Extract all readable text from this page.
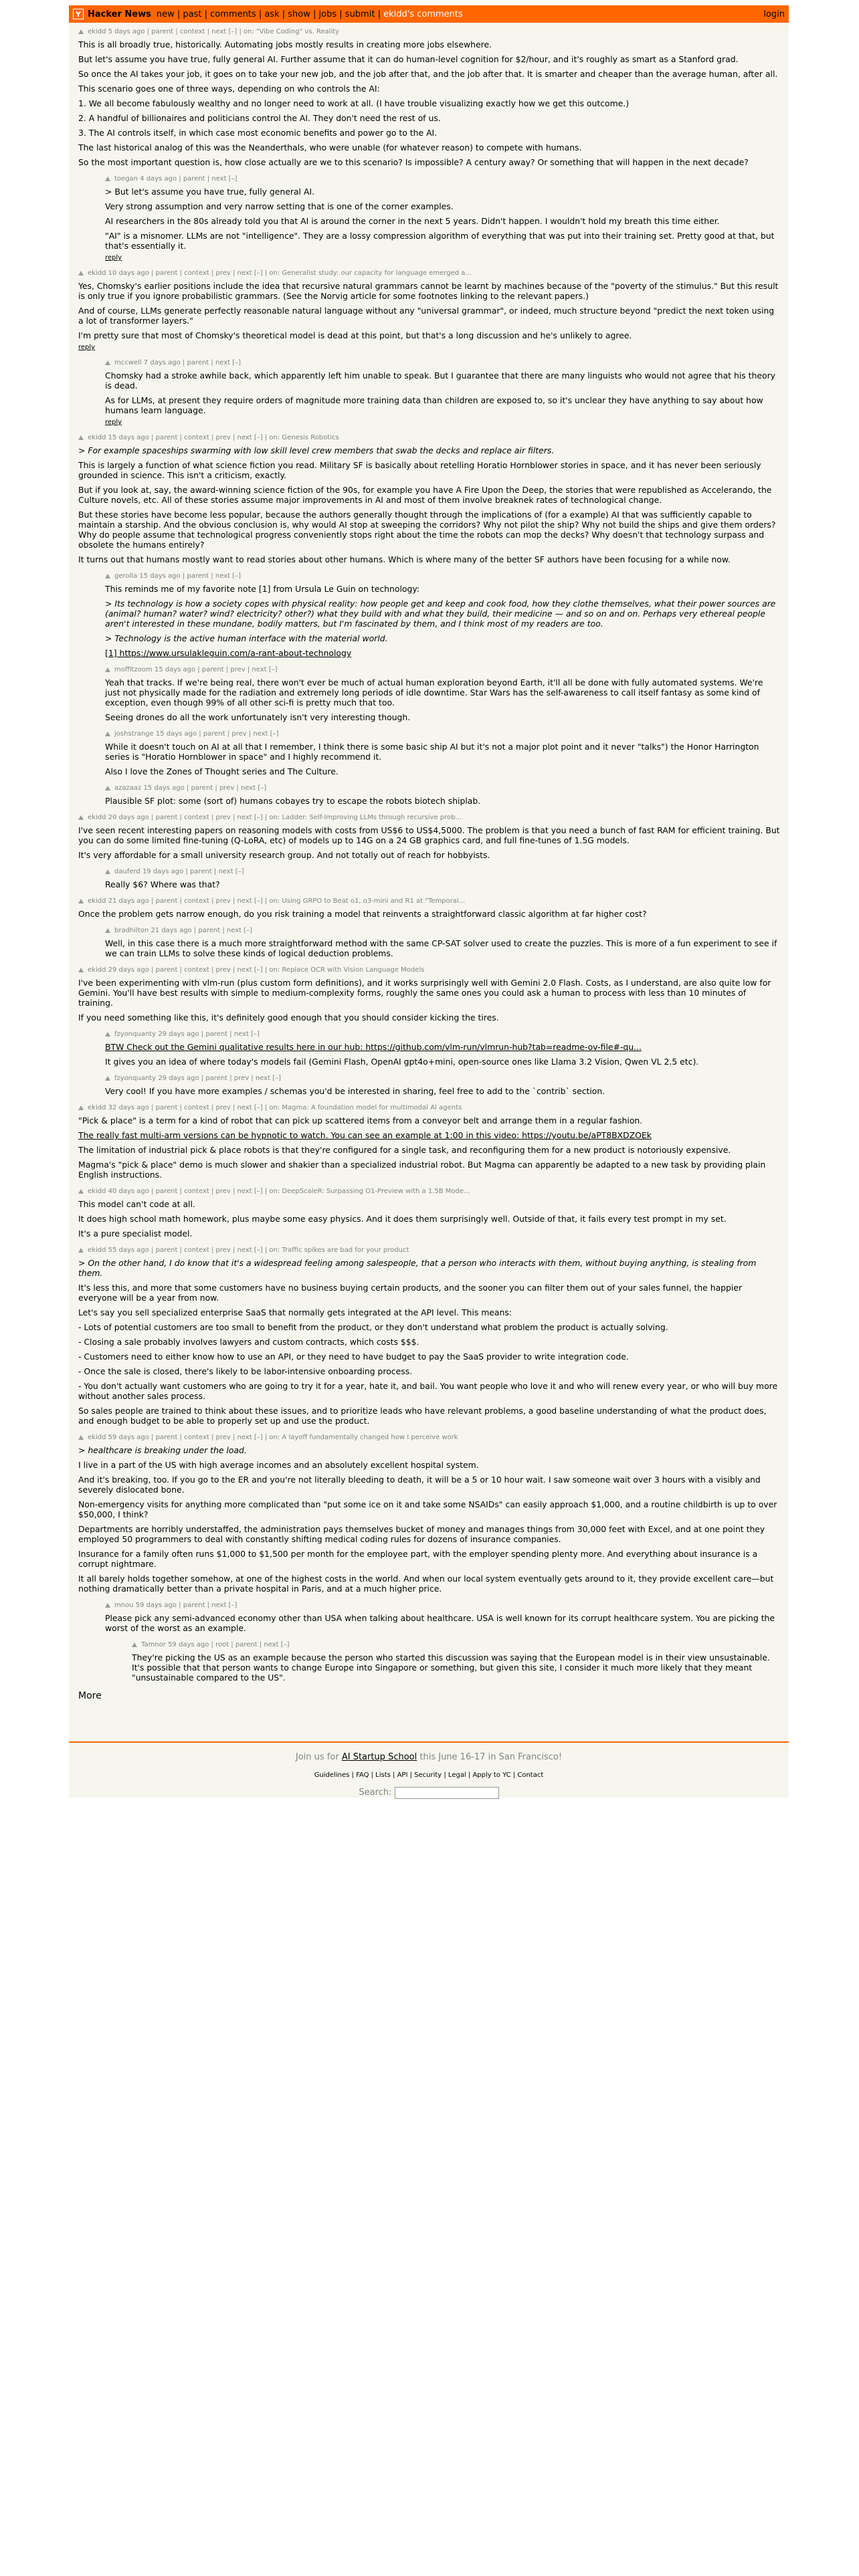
Y Hacker News new | past | comments | ask | show | jobs | submit | ekidd's comments	login
ekidd 5 days ago | parent | context | next [–] | on: "Vibe Coding" vs. Reality

This is all broadly true, historically. Automating jobs mostly results in creating more jobs elsewhere.

But let's assume you have true, fully general AI. Further assume that it can do human-level cognition for $2/hour, and it's roughly as smart as a Stanford grad.

So once the AI takes your job, it goes on to take your new job, and the job after that, and the job after that. It is smarter and cheaper than the average human, after all.

This scenario goes one of three ways, depending on who controls the AI:

1. We all become fabulously wealthy and no longer need to work at all. (I have trouble visualizing exactly how we get this outcome.)

2. A handful of billionaires and politicians control the AI. They don't need the rest of us.

3. The AI controls itself, in which case most economic benefits and power go to the AI.

The last historical analog of this was the Neanderthals, who were unable (for whatever reason) to compete with humans.

So the most important question is, how close actually are we to this scenario? Is impossible? A century away? Or something that will happen in the next decade?

toegan 4 days ago | parent | next [–]

> But let's assume you have true, fully general AI.

Very strong assumption and very narrow setting that is one of the corner examples.

AI researchers in the 80s already told you that AI is around the corner in the next 5 years. Didn't happen. I wouldn't hold my breath this time either.

"AI" is a misnomer. LLMs are not "intelligence". They are a lossy compression algorithm of everything that was put into their training set. Pretty good at that, but that's essentially it.

reply
ekidd 10 days ago | parent | context | prev | next [–] | on: Generalist study: our capacity for language emerged a...

Yes, Chomsky's earlier positions include the idea that recursive natural grammars cannot be learnt by machines because of the "poverty of the stimulus." But this result is only true if you ignore probabilistic grammars. (See the Norvig article for some footnotes linking to the relevant papers.)

And of course, LLMs generate perfectly reasonable natural language without any "universal grammar", or indeed, much structure beyond "predict the next token using a lot of transformer layers."

I'm pretty sure that most of Chomsky's theoretical model is dead at this point, but that's a long discussion and he's unlikely to agree.

reply
mccwell 7 days ago | parent | next [–]

Chomsky had a stroke awhile back, which apparently left him unable to speak. But I guarantee that there are many linguists who would not agree that his theory is dead.

As for LLMs, at present they require orders of magnitude more training data than children are exposed to, so it's unclear they have anything to say about how humans learn language.

reply
ekidd 15 days ago | parent | context | prev | next [–] | on: Genesis Robotics

> For example spaceships swarming with low skill level crew members that swab the decks and replace air filters.

This is largely a function of what science fiction you read. Military SF is basically about retelling Horatio Hornblower stories in space, and it has never been seriously grounded in science. This isn't a criticism, exactly.

But if you look at, say, the award-winning science fiction of the 90s, for example you have A Fire Upon the Deep, the stories that were republished as Accelerando, the Culture novels, etc. All of these stories assume major improvements in AI and most of them involve breaknek rates of technological change.

But these stories have become less popular, because the authors generally thought through the implications of (for a example) AI that was sufficiently capable to maintain a starship. And the obvious conclusion is, why would AI stop at sweeping the corridors? Why not pilot the ship? Why not build the ships and give them orders? Why do people assume that technological progress conveniently stops right about the time the robots can mop the decks? Why doesn't that technology surpass and obsolete the humans entirely?

It turns out that humans mostly want to read stories about other humans. Which is where many of the better SF authors have been focusing for a while now.

gerolla 15 days ago | parent | next [–]

This reminds me of my favorite note [1] from Ursula Le Guin on technology:

> Its technology is how a society copes with physical reality: how people get and keep and cook food, how they clothe themselves, what their power sources are (animal? human? water? wind? electricity? other?) what they build with and what they build, their medicine — and so on and on. Perhaps very ethereal people aren't interested in these mundane, bodily matters, but I'm fascinated by them, and I think most of my readers are too.

> Technology is the active human interface with the material world.

[1] https://www.ursulakleguin.com/a-rant-about-technology

moffitzoom 15 days ago | parent | prev | next [–]

Yeah that tracks. If we're being real, there won't ever be much of actual human exploration beyond Earth, it'll all be done with fully automated systems. We're just not physically made for the radiation and extremely long periods of idle downtime. Star Wars has the self-awareness to call itself fantasy as some kind of exception, even though 99% of all other sci-fi is pretty much that too.

Seeing drones do all the work unfortunately isn't very interesting though.

joshstrange 15 days ago | parent | prev | next [–]

While it doesn't touch on AI at all that I remember, I think there is some basic ship AI but it's not a major plot point and it never "talks") the Honor Harrington series is "Horatio Hornblower in space" and I highly recommend it.

Also I love the Zones of Thought series and The Culture.

azazaaz 15 days ago | parent | prev | next [–]

Plausible SF plot: some (sort of) humans cobayes try to escape the robots biotech shiplab.

ekidd 20 days ago | parent | context | prev | next [–] | on: Ladder: Self-Improving LLMs through recursive prob...

I've seen recent interesting papers on reasoning models with costs from US$6 to US$4,5000. The problem is that you need a bunch of fast RAM for efficient training. But you can do some limited fine-tuning (Q-LoRA, etc) of models up to 14G on a 24 GB graphics card, and full fine-tunes of 1.5G models.

It's very affordable for a small university research group. And not totally out of reach for hobbyists.

dauferd 19 days ago | parent | next [–]

Really $6? Where was that?

ekidd 21 days ago | parent | context | prev | next [–] | on: Using GRPO to Beat o1, o3-mini and R1 at "Temporal...

Once the problem gets narrow enough, do you risk training a model that reinvents a straightforward classic algorithm at far higher cost?

bradhilton 21 days ago | parent | next [–]

Well, in this case there is a much more straightforward method with the same CP-SAT solver used to create the puzzles. This is more of a fun experiment to see if we can train LLMs to solve these kinds of logical deduction problems.

ekidd 29 days ago | parent | context | prev | next [–] | on: Replace OCR with Vision Language Models

I've been experimenting with vlm-run (plus custom form definitions), and it works surprisingly well with Gemini 2.0 Flash. Costs, as I understand, are also quite low for Gemini. You'll have best results with simple to medium-complexity forms, roughly the same ones you could ask a human to process with less than 10 minutes of training.

If you need something like this, it's definitely good enough that you should consider kicking the tires.

fzyonquanty 29 days ago | parent | next [–]

BTW Check out the Gemini qualitative results here in our hub: https://github.com/vlm-run/vlmrun-hub?tab=readme-ov-file#-qu...

It gives you an idea of where today's models fail (Gemini Flash, OpenAI gpt4o+mini, open-source ones like Llama 3.2 Vision, Qwen VL 2.5 etc).

fzyonquanty 29 days ago | parent | prev | next [–]

Very cool! If you have more examples / schemas you'd be interested in sharing, feel free to add to the `contrib` section.

ekidd 32 days ago | parent | context | prev | next [–] | on: Magma: A foundation model for multimodal AI agents

"Pick & place" is a term for a kind of robot that can pick up scattered items from a conveyor belt and arrange them in a regular fashion.

The really fast multi-arm versions can be hypnotic to watch. You can see an example at 1:00 in this video: https://youtu.be/aPT8BXDZOEk

The limitation of industrial pick & place robots is that they're configured for a single task, and reconfiguring them for a new product is notoriously expensive.

Magma's "pick & place" demo is much slower and shakier than a specialized industrial robot. But Magma can apparently be adapted to a new task by providing plain English instructions.

ekidd 40 days ago | parent | context | prev | next [–] | on: DeepScaleR: Surpassing O1-Preview with a 1.5B Mode...

This model can't code at all.

It does high school math homework, plus maybe some easy physics. And it does them surprisingly well. Outside of that, it fails every test prompt in my set.

It's a pure specialist model.

ekidd 55 days ago | parent | context | prev | next [–] | on: Traffic spikes are bad for your product

> On the other hand, I do know that it's a widespread feeling among salespeople, that a person who interacts with them, without buying anything, is stealing from them.

It's less this, and more that some customers have no business buying certain products, and the sooner you can filter them out of your sales funnel, the happier everyone will be a year from now.

Let's say you sell specialized enterprise SaaS that normally gets integrated at the API level. This means:

- Lots of potential customers are too small to benefit from the product, or they don't understand what problem the product is actually solving.

- Closing a sale probably involves lawyers and custom contracts, which costs $$$.

- Customers need to either know how to use an API, or they need to have budget to pay the SaaS provider to write integration code.

- Once the sale is closed, there's likely to be labor-intensive onboarding process.

- You don't actually want customers who are going to try it for a year, hate it, and bail. You want people who love it and who will renew every year, or who will buy more without another sales process.

So sales people are trained to think about these issues, and to prioritize leads who have relevant problems, a good baseline understanding of what the product does, and enough budget to be able to properly set up and use the product.

ekidd 59 days ago | parent | context | prev | next [–] | on: A layoff fundamentally changed how I perceive work

> healthcare is breaking under the load.

I live in a part of the US with high average incomes and an absolutely excellent hospital system.

And it's breaking, too. If you go to the ER and you're not literally bleeding to death, it will be a 5 or 10 hour wait. I saw someone wait over 3 hours with a visibly and severely dislocated bone.

Non-emergency visits for anything more complicated than "put some ice on it and take some NSAIDs" can easily approach $1,000, and a routine childbirth is up to over $50,000, I think?

Departments are horribly understaffed, the administration pays themselves bucket of money and manages things from 30,000 feet with Excel, and at one point they employed 50 programmers to deal with constantly shifting medical coding rules for dozens of insurance companies.

Insurance for a family often runs $1,000 to $1,500 per month for the employee part, with the employer spending plenty more. And everything about insurance is a corrupt nightmare.

It all barely holds together somehow, at one of the highest costs in the world. And when our local system eventually gets around to it, they provide excellent care—but nothing dramatically better than a private hospital in Paris, and at a much higher price.

mnou 59 days ago | parent | next [–]

Please pick any semi-advanced economy other than USA when talking about healthcare. USA is well known for its corrupt healthcare system. You are picking the worst of the worst as an example.

Tamnor 59 days ago | root | parent | next [–]

They're picking the US as an example because the person who started this discussion was saying that the European model is in their view unsustainable. It's possible that that person wants to change Europe into Singapore or something, but given this site, I consider it much more likely that they meant "unsustainable compared to the US".

More
Join us for AI Startup School this June 16-17 in San Francisco!
Guidelines | FAQ | Lists | API | Security | Legal | Apply to YC | Contact
Search:
